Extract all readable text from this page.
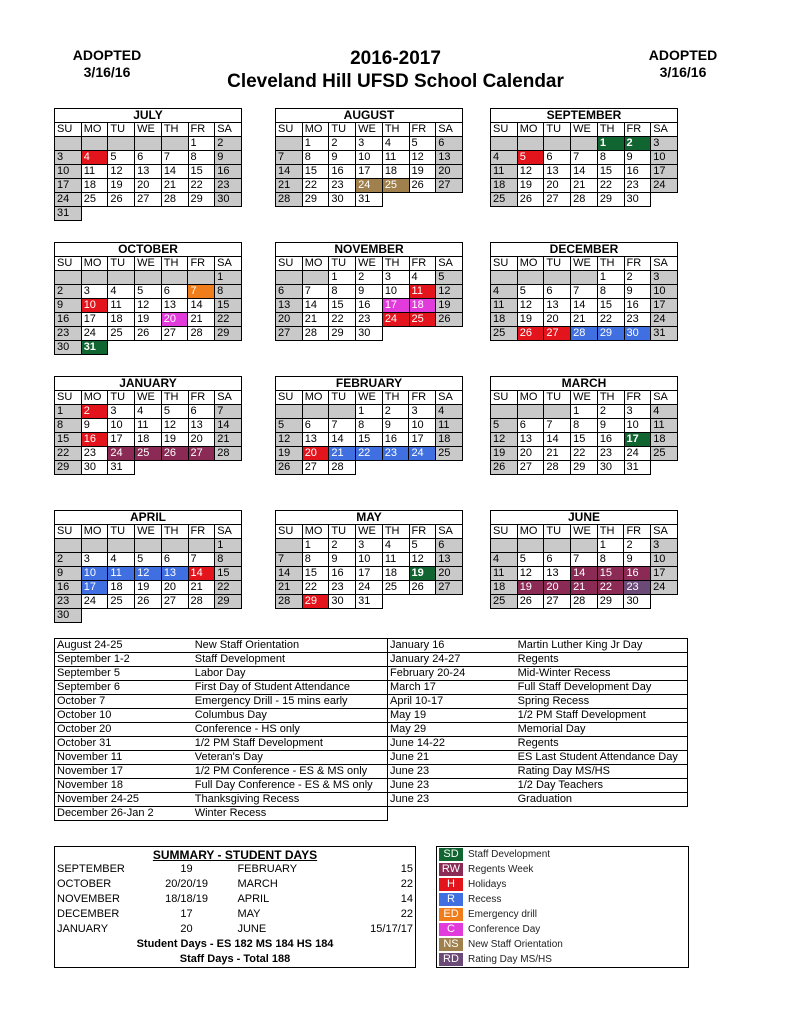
ADOPTED
3/16/16
ADOPTED
3/16/16
2016-2017
Cleveland Hill UFSD School Calendar
JULY						
SU	MO	TU	WE	TH	FR	SA
					1	2
3	4	5	6	7	8	9
10	11	12	13	14	15	16
17	18	19	20	21	22	23
24	25	26	27	28	29	30
31						
AUGUST						
SU	MO	TU	WE	TH	FR	SA
	1	2	3	4	5	6
7	8	9	10	11	12	13
14	15	16	17	18	19	20
21	22	23	24	25	26	27
28	29	30	31			
SEPTEMBER						
SU	MO	TU	WE	TH	FR	SA
				1	2	3
4	5	6	7	8	9	10
11	12	13	14	15	16	17
18	19	20	21	22	23	24
25	26	27	28	29	30	
OCTOBER						
SU	MO	TU	WE	TH	FR	SA
						1
2	3	4	5	6	7	8
9	10	11	12	13	14	15
16	17	18	19	20	21	22
23	24	25	26	27	28	29
30	31					
NOVEMBER						
SU	MO	TU	WE	TH	FR	SA
		1	2	3	4	5
6	7	8	9	10	11	12
13	14	15	16	17	18	19
20	21	22	23	24	25	26
27	28	29	30			
DECEMBER						
SU	MO	TU	WE	TH	FR	SA
				1	2	3
4	5	6	7	8	9	10
11	12	13	14	15	16	17
18	19	20	21	22	23	24
25	26	27	28	29	30	31
JANUARY						
SU	MO	TU	WE	TH	FR	SA
1	2	3	4	5	6	7
8	9	10	11	12	13	14
15	16	17	18	19	20	21
22	23	24	25	26	27	28
29	30	31				
FEBRUARY						
SU	MO	TU	WE	TH	FR	SA
			1	2	3	4
5	6	7	8	9	10	11
12	13	14	15	16	17	18
19	20	21	22	23	24	25
26	27	28				
MARCH						
SU	MO	TU	WE	TH	FR	SA
			1	2	3	4
5	6	7	8	9	10	11
12	13	14	15	16	17	18
19	20	21	22	23	24	25
26	27	28	29	30	31	
APRIL						
SU	MO	TU	WE	TH	FR	SA
						1
2	3	4	5	6	7	8
9	10	11	12	13	14	15
16	17	18	19	20	21	22
23	24	25	26	27	28	29
30						
MAY						
SU	MO	TU	WE	TH	FR	SA
	1	2	3	4	5	6
7	8	9	10	11	12	13
14	15	16	17	18	19	20
21	22	23	24	25	26	27
28	29	30	31			
JUNE						
SU	MO	TU	WE	TH	FR	SA
				1	2	3
4	5	6	7	8	9	10
11	12	13	14	15	16	17
18	19	20	21	22	23	24
25	26	27	28	29	30	
August 24-25	New Staff Orientation
September 1-2	Staff Development
September 5	Labor Day
September 6	First Day of Student Attendance
October 7	Emergency Drill - 15 mins early
October 10	Columbus Day
October 20	Conference - HS only
October 31	1/2 PM Staff Development
November 11	Veteran's Day
November 17	1/2 PM Conference - ES & MS only
November 18	Full Day Conference - ES & MS only
November 24-25	Thanksgiving Recess
December 26-Jan 2	Winter Recess
January 16	Martin Luther King Jr Day
January 24-27	Regents
February 20-24	Mid-Winter Recess
March 17	Full Staff Development Day
April 10-17	Spring Recess
May 19	1/2 PM Staff Development
May 29	Memorial Day
June 14-22	Regents
June 21	ES Last Student Attendance Day
June 23	Rating Day MS/HS
June 23	1/2 Day Teachers
June 23	Graduation
SUMMARY - STUDENT DAYS
SEPTEMBER	19	FEBRUARY	15
OCTOBER	20/20/19	MARCH	22
NOVEMBER	18/18/19	APRIL	14
DECEMBER	17	MAY	22
JANUARY	20	JUNE	15/17/17
Student Days - ES 182 MS 184 HS 184
Staff Days - Total 188
SD Staff Development
RW Regents Week
H	Holidays
R	Recess
ED Emergency drill
C	Conference Day
NS New Staff Orientation
RD Rating Day MS/HS
